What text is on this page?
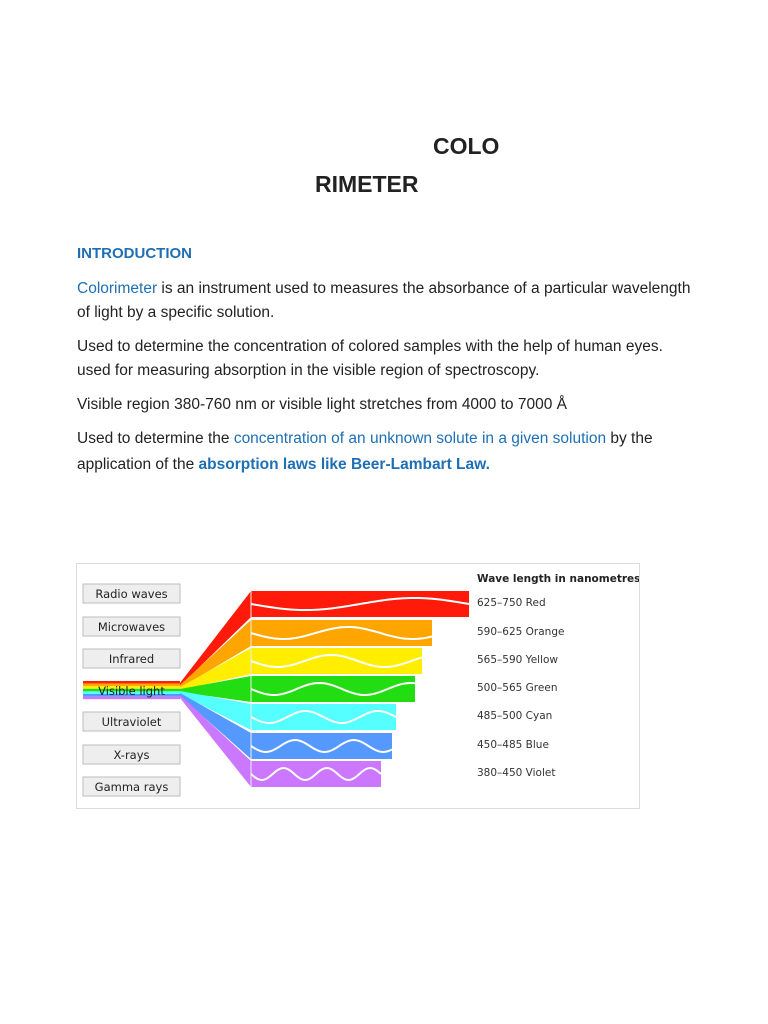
COLO
RIMETER
INTRODUCTION
Colorimeter is an instrument used to measures the absorbance of a particular wavelength
of light by a specific solution.
Used to determine the concentration of colored samples with the help of human eyes.
used for measuring absorption in the visible region of spectroscopy.
Visible region 380-760 nm or visible light stretches from 4000 to 7000 Å
Used to determine the concentration of an unknown solute in a given solution by the
application of the absorption laws like Beer-Lambart Law.
Wave length in nanometres
Radio waves
Microwaves
Infrared
Visible light
Ultraviolet
X-rays
Gamma rays
625–750 Red
590–625 Orange
565–590 Yellow
500–565 Green
485–500 Cyan
450–485 Blue
380–450 Violet
